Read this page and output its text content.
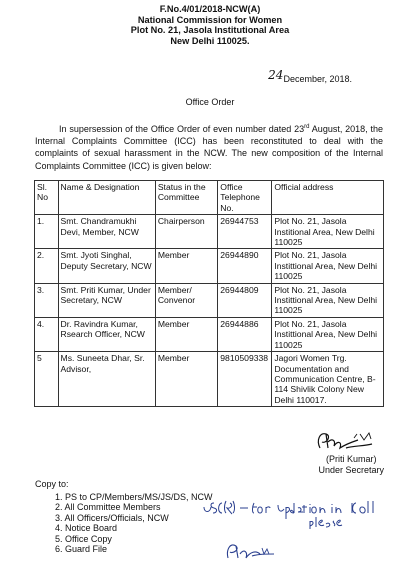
F.No.4/01/2018-NCW(A)
National Commission for Women
Plot No. 21, Jasola Institutional Area
New Delhi 110025.
24December, 2018.
Office Order
In supersession of the Office Order of even number dated 23rd August, 2018, the Internal Complaints Committee (ICC) has been reconstituted to deal with the complaints of sexual harassment in the NCW. The new composition of the Internal Complaints Committee (ICC) is given below:
Sl. No	Name & Designation	Status in the Committee	Office Telephone No.	Official address
1.	Smt. Chandramukhi Devi, Member, NCW	Chairperson	26944753	Plot No. 21, Jasola Institional Area, New Delhi 110025
2.	Smt. Jyoti Singhal, Deputy Secretary, NCW	Member	26944890	Plot No. 21, Jasola Instittional Area, New Delhi 110025
3.	Smt. Priti Kumar, Under Secretary, NCW	Member/ Convenor	26944809	Plot No. 21, Jasola Instittional Area, New Delhi 110025
4.	Dr. Ravindra Kumar, Rsearch Officer, NCW	Member	26944886	Plot No. 21, Jasola Instittional Area, New Delhi 110025
5	Ms. Suneeta Dhar, Sr. Advisor,	Member	9810509338	Jagori Women Trg. Documentation and Communication Centre, B-114 Shivlik Colony New Delhi 110017.
(Priti Kumar)
Under Secretary
Copy to:
1. PS to CP/Members/MS/JS/DS, NCW
2. All Committee Members
3. All Officers/Officials, NCW
4. Notice Board
5. Office Copy
6. Guard File
